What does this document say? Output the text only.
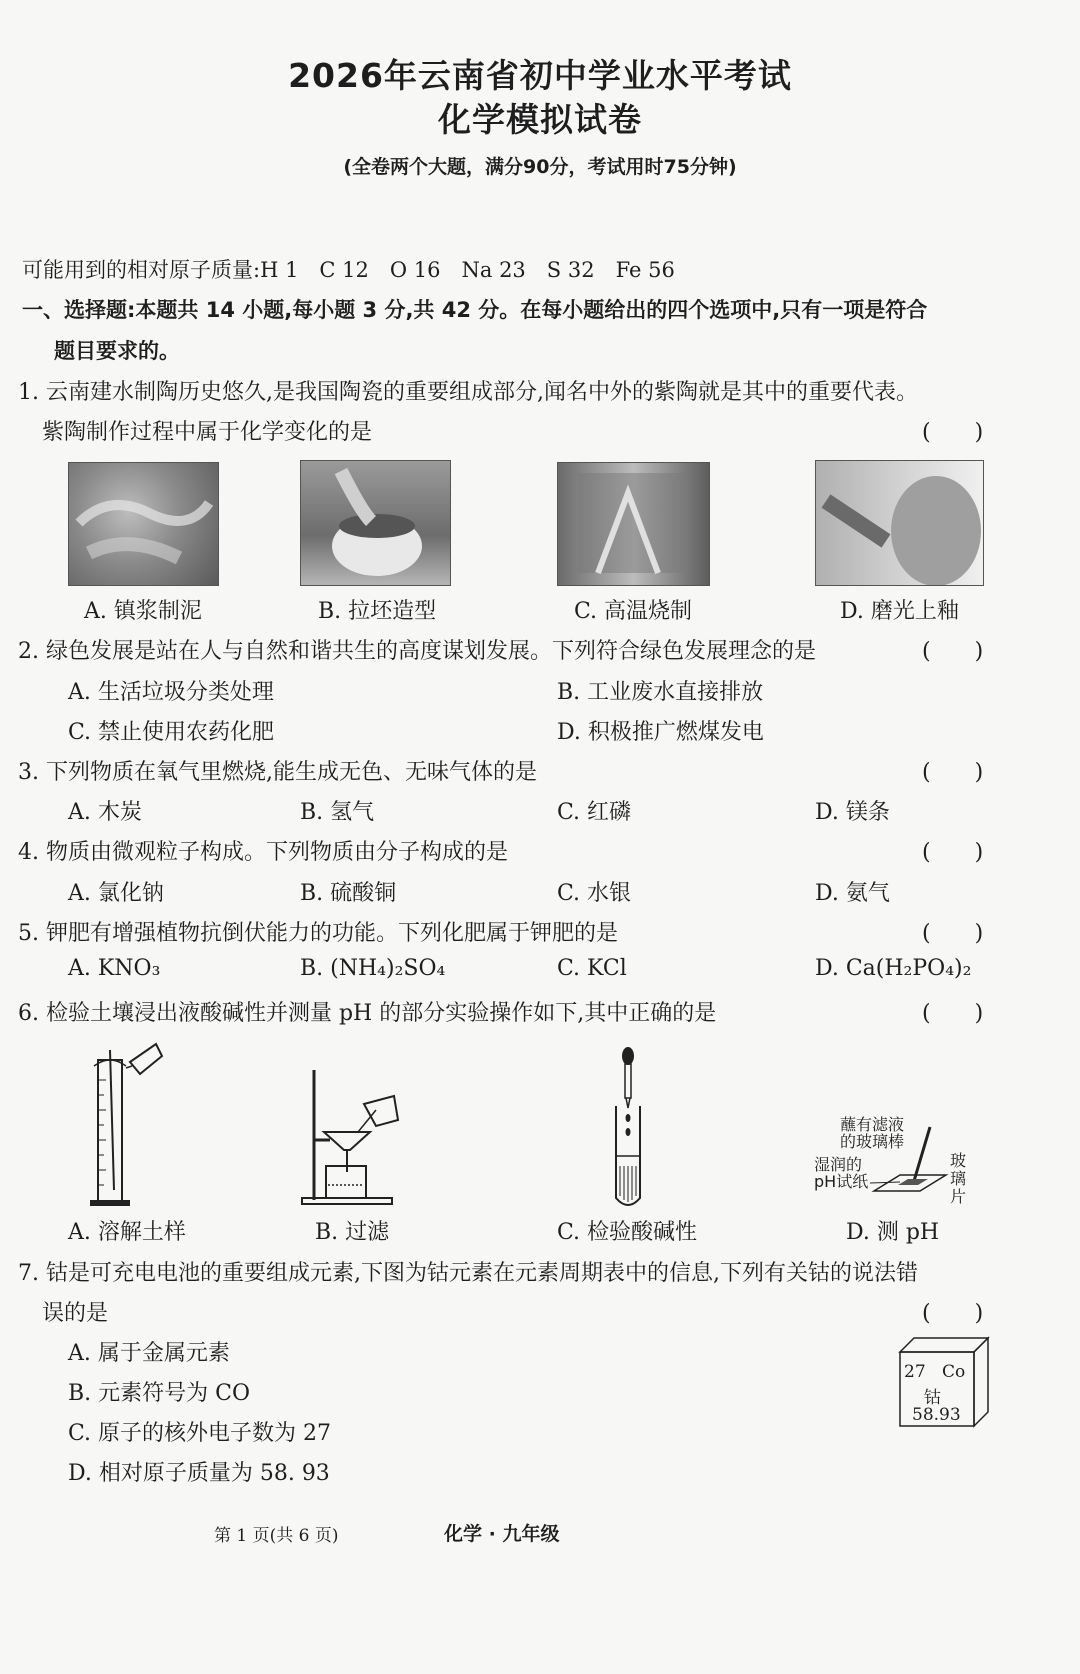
2026年云南省初中学业水平考试
化学模拟试卷
(全卷两个大题，满分90分，考试用时75分钟)
可能用到的相对原子质量:H 1　C 12　O 16　Na 23　S 32　Fe 56
一、选择题:本题共 14 小题,每小题 3 分,共 42 分。在每小题给出的四个选项中,只有一项是符合
题目要求的。
1. 云南建水制陶历史悠久,是我国陶瓷的重要组成部分,闻名中外的紫陶就是其中的重要代表。
紫陶制作过程中属于化学变化的是	(　　)
A. 镇浆制泥	B. 拉坯造型	C. 高温烧制	D. 磨光上釉
2. 绿色发展是站在人与自然和谐共生的高度谋划发展。下列符合绿色发展理念的是	(　　)
A. 生活垃圾分类处理	B. 工业废水直接排放
C. 禁止使用农药化肥	D. 积极推广燃煤发电
3. 下列物质在氧气里燃烧,能生成无色、无味气体的是	(　　)
A. 木炭	B. 氢气	C. 红磷	D. 镁条
4. 物质由微观粒子构成。下列物质由分子构成的是	(　　)
A. 氯化钠	B. 硫酸铜	C. 水银	D. 氨气
5. 钾肥有增强植物抗倒伏能力的功能。下列化肥属于钾肥的是	(　　)
A. KNO₃	B. (NH₄)₂SO₄	C. KCl	D. Ca(H₂PO₄)₂
6. 检验土壤浸出液酸碱性并测量 pH 的部分实验操作如下,其中正确的是	(　　)
蘸有滤液
的玻璃棒
湿润的
pH试纸
玻
璃
片
A. 溶解土样	B. 过滤	C. 检验酸碱性	D. 测 pH
7. 钴是可充电电池的重要组成元素,下图为钴元素在元素周期表中的信息,下列有关钴的说法错
误的是	(　　)
A. 属于金属元素
B. 元素符号为 CO
C. 原子的核外电子数为 27
D. 相对原子质量为 58. 93
27 Co
钴
58.93
第 1 页(共 6 页)	化学 · 九年级
